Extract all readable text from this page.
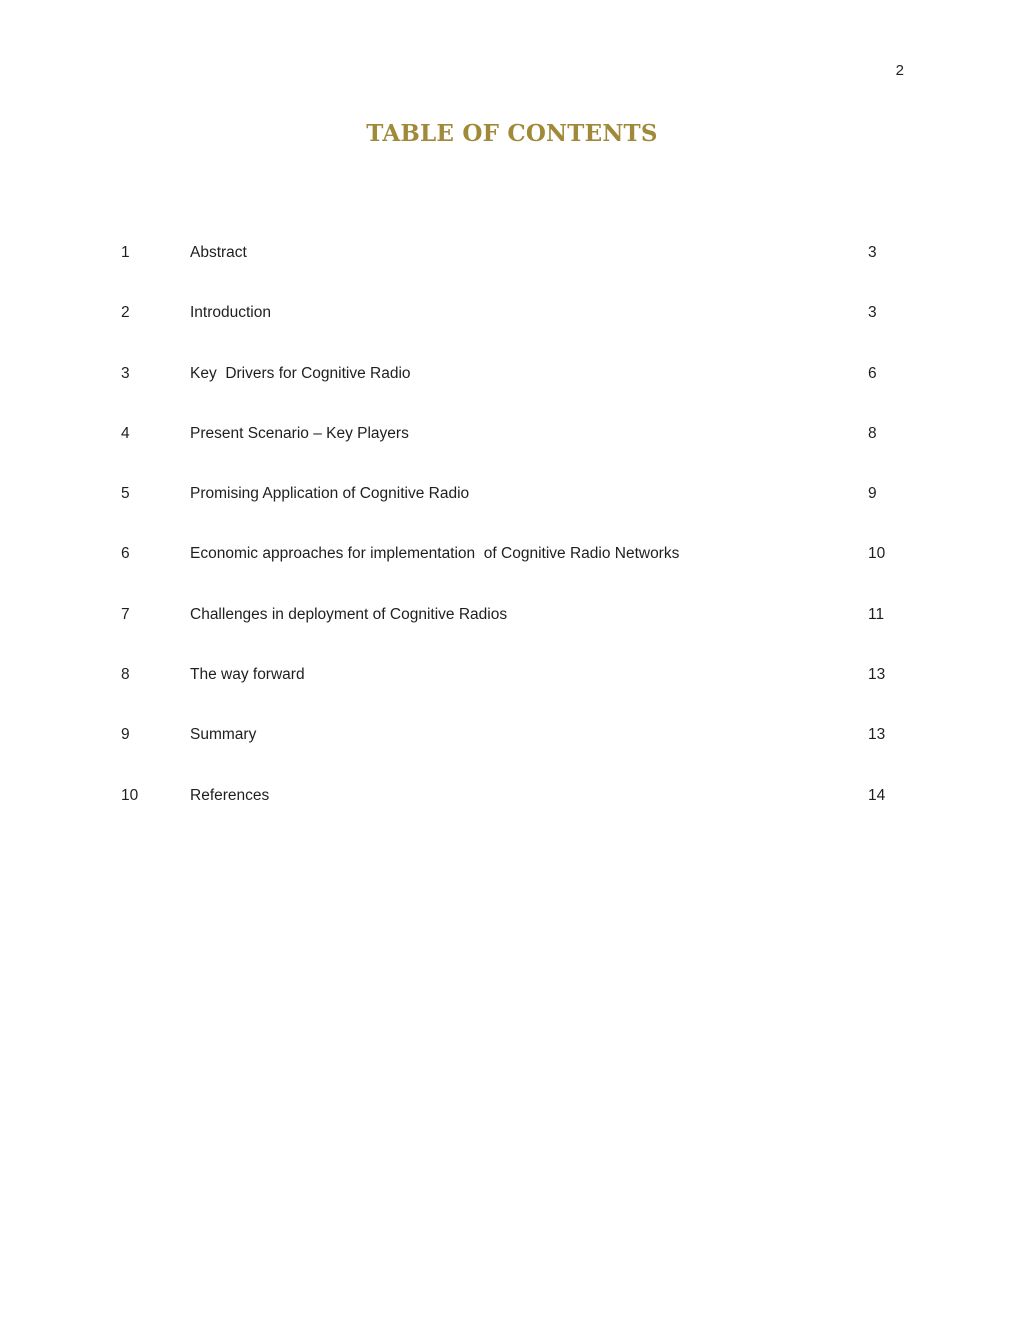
2
TABLE OF CONTENTS
1	Abstract	3
2	Introduction	3
3	Key  Drivers for Cognitive Radio	6
4	Present Scenario – Key Players	8
5	Promising Application of Cognitive Radio	9
6	Economic approaches for implementation  of Cognitive Radio Networks	10
7	Challenges in deployment of Cognitive Radios	11
8	The way forward	13
9	Summary	13
10	References	14
